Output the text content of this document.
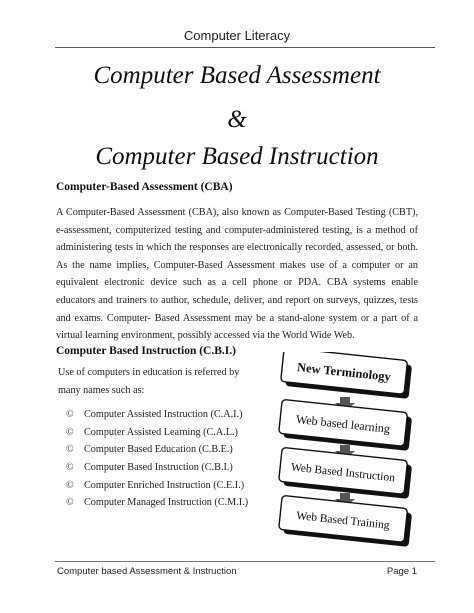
Computer Literacy
Computer Based Assessment
&
Computer Based Instruction
Computer-Based Assessment (CBA)
A Computer-Based Assessment (CBA), also known as Computer-Based Testing (CBT), e-assessment, computerized testing and computer-administered testing, is a method of administering tests in which the responses are electronically recorded, assessed, or both. As the name implies, Computer-Based Assessment makes use of a computer or an equivalent electronic device such as a cell phone or PDA. CBA systems enable educators and trainers to author, schedule, deliver, and report on surveys, quizzes, tests and exams. Computer- Based Assessment may be a stand-alone system or a part of a virtual learning environment, possibly accessed via the World Wide Web.
Computer Based Instruction (C.B.I.)
Use of computers in education is referred by many names such as:
© Computer Assisted Instruction (C.A.I.)
© Computer Assisted Learning (C.A.L.)
© Computer Based Education (C.B.E.)
© Computer Based Instruction (C.B.I.)
© Computer Enriched Instruction (C.E.I.)
© Computer Managed Instruction (C.M.I.)
New Terminology
Web based learning
Web Based Instruction
Web Based Training
Computer based Assessment & Instruction	Page 1
